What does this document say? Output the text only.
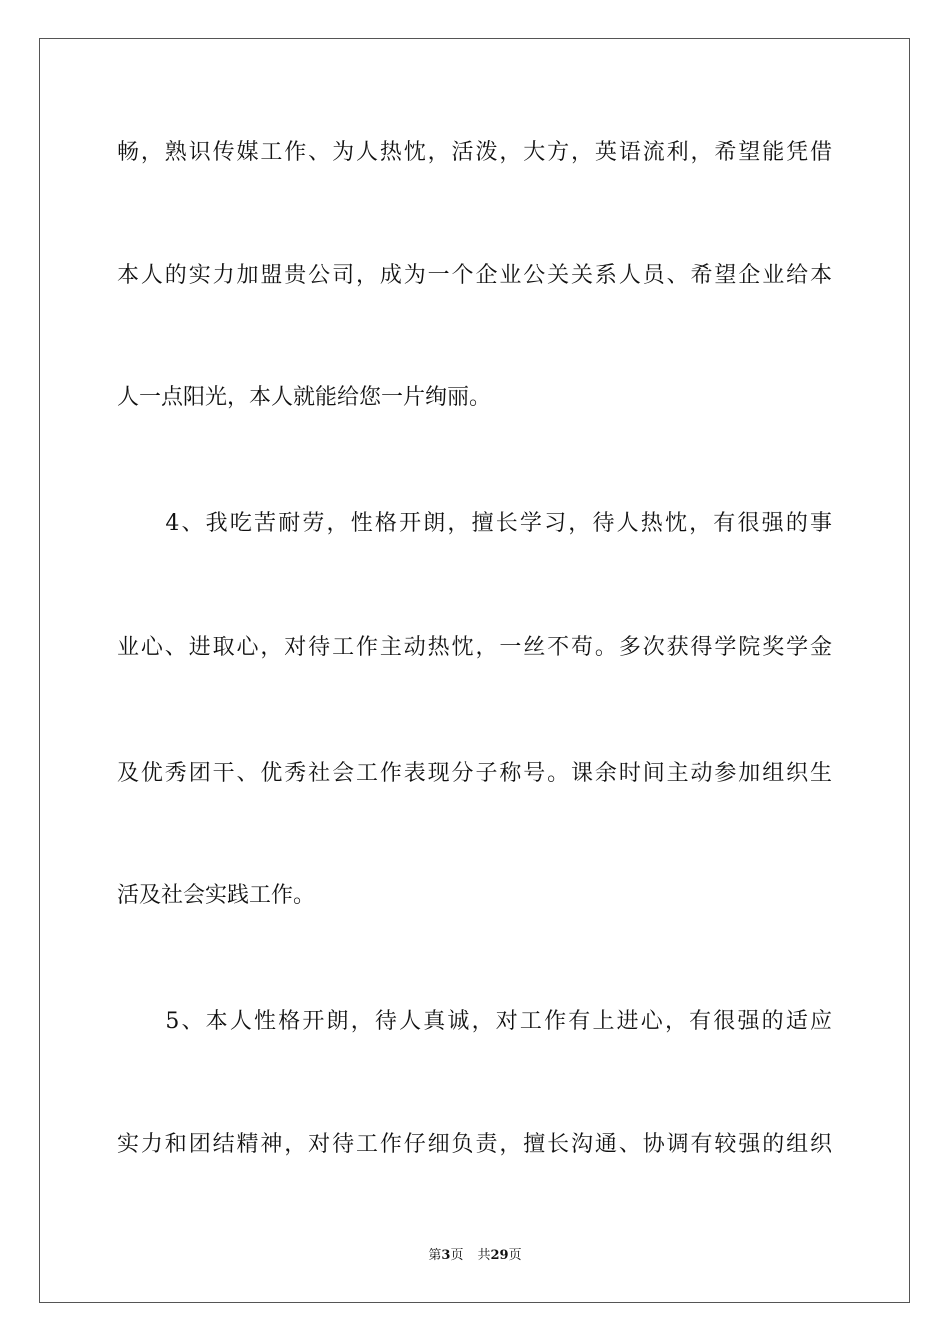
畅，熟识传媒工作、为人热忱，活泼，大方，英语流利，希望能凭借
本人的实力加盟贵公司，成为一个企业公关关系人员、希望企业给本
人一点阳光，本人就能给您一片绚丽。
　　4、我吃苦耐劳，性格开朗，擅长学习，待人热忱，有很强的事
业心、进取心，对待工作主动热忱，一丝不苟。多次获得学院奖学金
及优秀团干、优秀社会工作表现分子称号。课余时间主动参加组织生
活及社会实践工作。
　　5、本人性格开朗，待人真诚，对工作有上进心，有很强的适应
实力和团结精神，对待工作仔细负责，擅长沟通、协调有较强的组织
第3页 共29页
